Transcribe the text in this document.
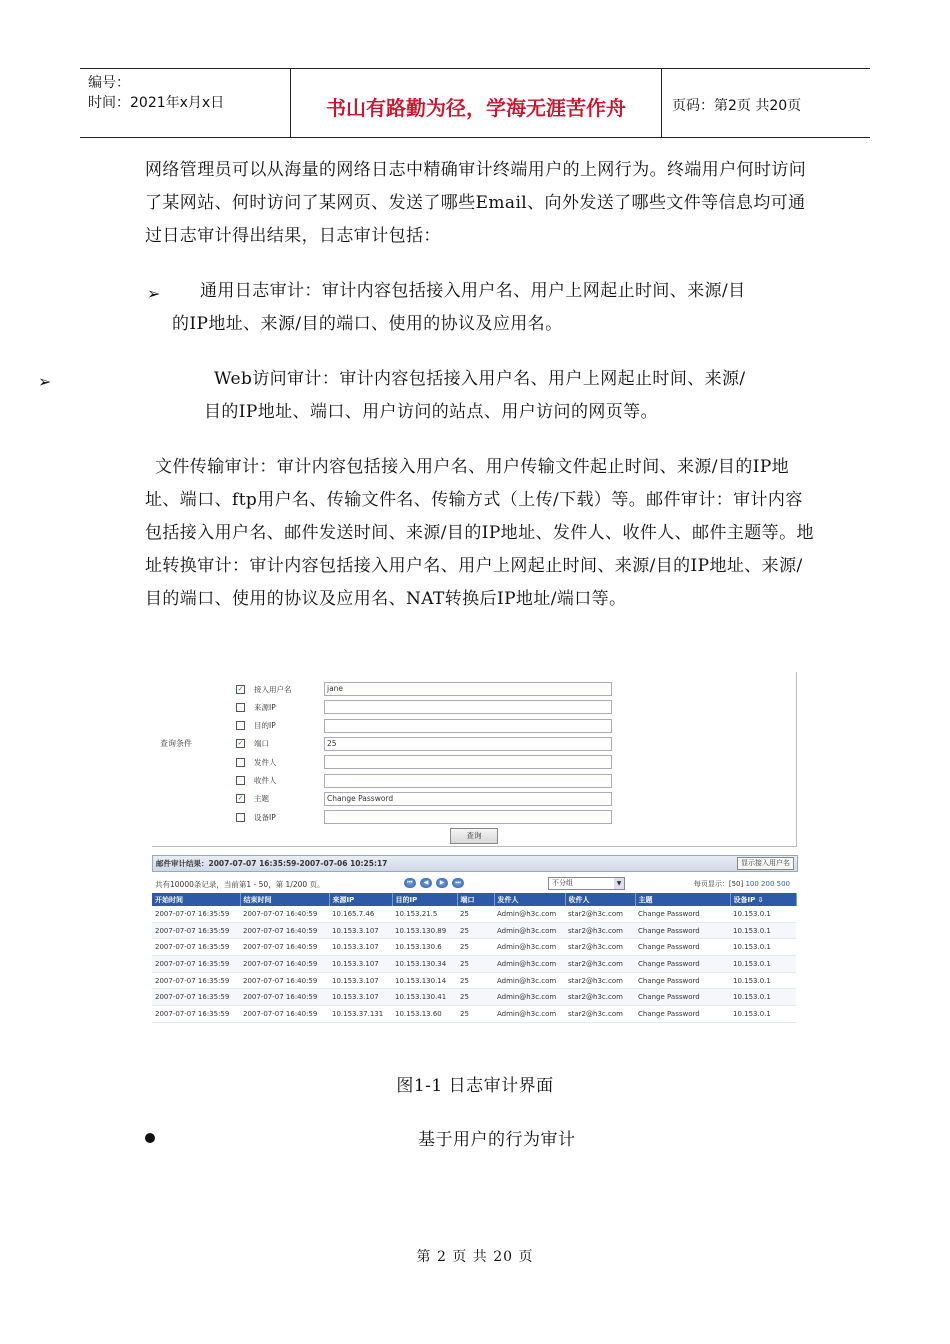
编号：
时间：2021年x月x日	书山有路勤为径，学海无涯苦作舟	页码：第2页 共20页

网络管理员可以从海量的网络日志中精确审计终端用户的上网行为。终端用户何时访问了某网站、何时访问了某网页、发送了哪些Email、向外发送了哪些文件等信息均可通过日志审计得出结果，日志审计包括：

➢ 通用日志审计：审计内容包括接入用户名、用户上网起止时间、来源/目
的IP地址、来源/目的端口、使用的协议及应用名。
➢	Web访问审计：审计内容包括接入用户名、用户上网起止时间、来源/
目的IP地址、端口、用户访问的站点、用户访问的网页等。

文件传输审计：审计内容包括接入用户名、用户传输文件起止时间、来源/目的IP地址、端口、ftp用户名、传输文件名、传输方式（上传/下载）等。邮件审计：审计内容包括接入用户名、邮件发送时间、来源/目的IP地址、发件人、收件人、邮件主题等。地址转换审计：审计内容包括接入用户名、用户上网起止时间、来源/目的IP地址、来源/目的端口、使用的协议及应用名、NAT转换后IP地址/端口等。

查询条件
✓ 接入用户名	jane
来源IP
目的IP
✓ 端口	25
发件人
收件人
✓ 主题	Change Password
设备IP
查询
邮件审计结果：2007-07-07 16:35:59-2007-07-06 10:25:17	显示接入用户名
共有10000条记录，当前第1 - 50，第 1/200 页。	⏮	◀	▶	⏭	不分组	▼	每页显示：[50] 100 200 500
开始时间	结束时间	来源IP	目的IP	端口	发件人	收件人	主题	设备IP ⇩
2007-07-07 16:35:59	2007-07-07 16:40:59	10.165.7.46	10.153.21.5	25	Admin@h3c.com	star2@h3c.com	Change Password	10.153.0.1
2007-07-07 16:35:59	2007-07-07 16:40:59	10.153.3.107	10.153.130.89	25	Admin@h3c.com	star2@h3c.com	Change Password	10.153.0.1
2007-07-07 16:35:59	2007-07-07 16:40:59	10.153.3.107	10.153.130.6	25	Admin@h3c.com	star2@h3c.com	Change Password	10.153.0.1
2007-07-07 16:35:59	2007-07-07 16:40:59	10.153.3.107	10.153.130.34	25	Admin@h3c.com	star2@h3c.com	Change Password	10.153.0.1
2007-07-07 16:35:59	2007-07-07 16:40:59	10.153.3.107	10.153.130.14	25	Admin@h3c.com	star2@h3c.com	Change Password	10.153.0.1
2007-07-07 16:35:59	2007-07-07 16:40:59	10.153.3.107	10.153.130.41	25	Admin@h3c.com	star2@h3c.com	Change Password	10.153.0.1
2007-07-07 16:35:59	2007-07-07 16:40:59	10.153.37.131	10.153.13.60	25	Admin@h3c.com	star2@h3c.com	Change Password	10.153.0.1
图1-1 日志审计界面
基于用户的行为审计
第 2 页 共 20 页
